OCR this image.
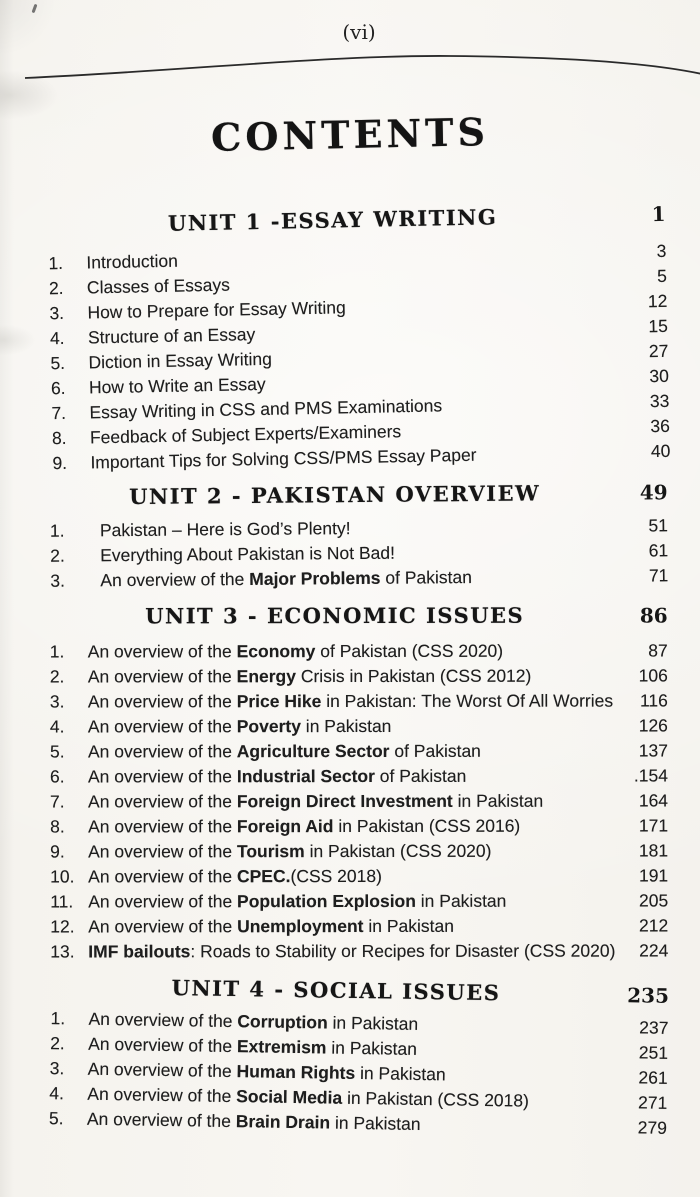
(vi)
CONTENTS
UNIT 1 -ESSAY WRITING	1
1.	Introduction	3
2.	Classes of Essays	5
3.	How to Prepare for Essay Writing	12
4.	Structure of an Essay	15
5.	Diction in Essay Writing	27
6.	How to Write an Essay	30
7.	Essay Writing in CSS and PMS Examinations	33
8.	Feedback of Subject Experts/Examiners	36
9.	Important Tips for Solving CSS/PMS Essay Paper	40
UNIT 2 - PAKISTAN OVERVIEW	49
1.	Pakistan – Here is God’s Plenty!	51
2.	Everything About Pakistan is Not Bad!	61
3.	An overview of the Major Problems of Pakistan	71
UNIT 3 - ECONOMIC ISSUES	86
1.	An overview of the Economy of Pakistan (CSS 2020)	87
2.	An overview of the Energy Crisis in Pakistan (CSS 2012)	106
3.	An overview of the Price Hike in Pakistan: The Worst Of All Worries	116
4.	An overview of the Poverty in Pakistan	126
5.	An overview of the Agriculture Sector of Pakistan	137
6.	An overview of the Industrial Sector of Pakistan	.154
7.	An overview of the Foreign Direct Investment in Pakistan	164
8.	An overview of the Foreign Aid in Pakistan (CSS 2016)	171
9.	An overview of the Tourism in Pakistan (CSS 2020)	181
10. An overview of the CPEC.(CSS 2018)	191
11. An overview of the Population Explosion in Pakistan	205
12. An overview of the Unemployment in Pakistan	212
13. IMF bailouts: Roads to Stability or Recipes for Disaster (CSS 2020)	224
UNIT 4 - SOCIAL ISSUES	235
1.	An overview of the Corruption in Pakistan	237
2.	An overview of the Extremism in Pakistan	251
3.	An overview of the Human Rights in Pakistan	261
4.	An overview of the Social Media in Pakistan (CSS 2018)	271
5.	An overview of the Brain Drain in Pakistan	279
